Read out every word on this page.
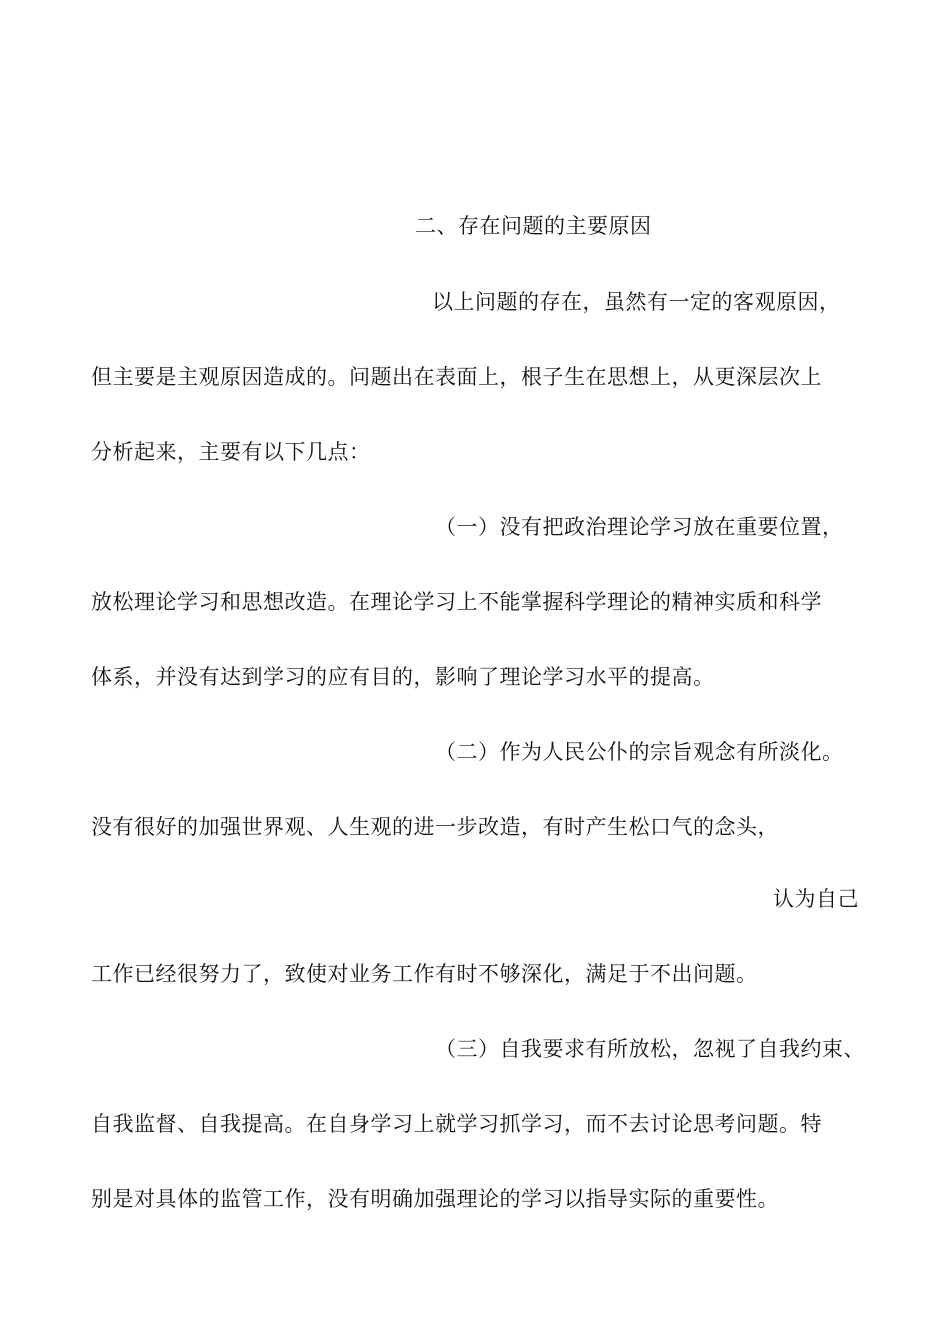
二、存在问题的主要原因
以上问题的存在，虽然有一定的客观原因，
但主要是主观原因造成的。问题出在表面上，根子生在思想上，从更深层次上
分析起来，主要有以下几点：
（一）没有把政治理论学习放在重要位置，
放松理论学习和思想改造。在理论学习上不能掌握科学理论的精神实质和科学
体系，并没有达到学习的应有目的，影响了理论学习水平的提高。
（二）作为人民公仆的宗旨观念有所淡化。
没有很好的加强世界观、人生观的进一步改造，有时产生松口气的念头，
认为自己
工作已经很努力了，致使对业务工作有时不够深化，满足于不出问题。
（三）自我要求有所放松，忽视了自我约束、
自我监督、自我提高。在自身学习上就学习抓学习，而不去讨论思考问题。特
别是对具体的监管工作，没有明确加强理论的学习以指导实际的重要性。
